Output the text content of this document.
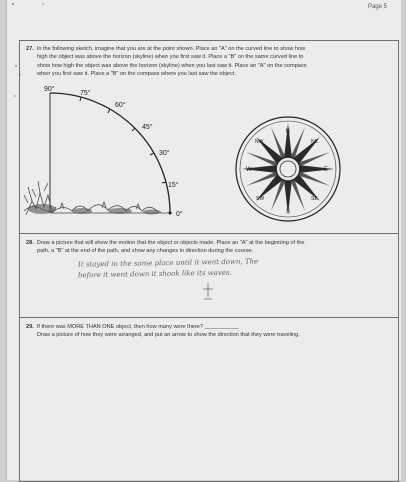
Page 5
27. In the following sketch, imagine that you are at the point shown. Place an "A" on the curved line to show how
high the object was above the horizon (skyline) when you first saw it. Place a "B" on the same curved line to
show how high the object was above the horizon (skyline) when you last saw it. Place an "A" on the compass
when you first saw it. Place a "B" on the compass where you last saw the object.
90°
75°
60°
45°
30°
15°
0°
N
NE
E
SE
S
SW
W
NW
28. Draw a picture that will show the motion that the object or objects made. Place an "A" at the beginning of the
path, a "B" at the end of the path, and show any changes in direction during the course.
It stayed in the same place until it went down, The
before it went down it shook like its waves.
29. If there was MORE THAN ONE object, then how many were there? ___________
Draw a picture of how they were arranged, and put an arrow to show the direction that they were traveling.
